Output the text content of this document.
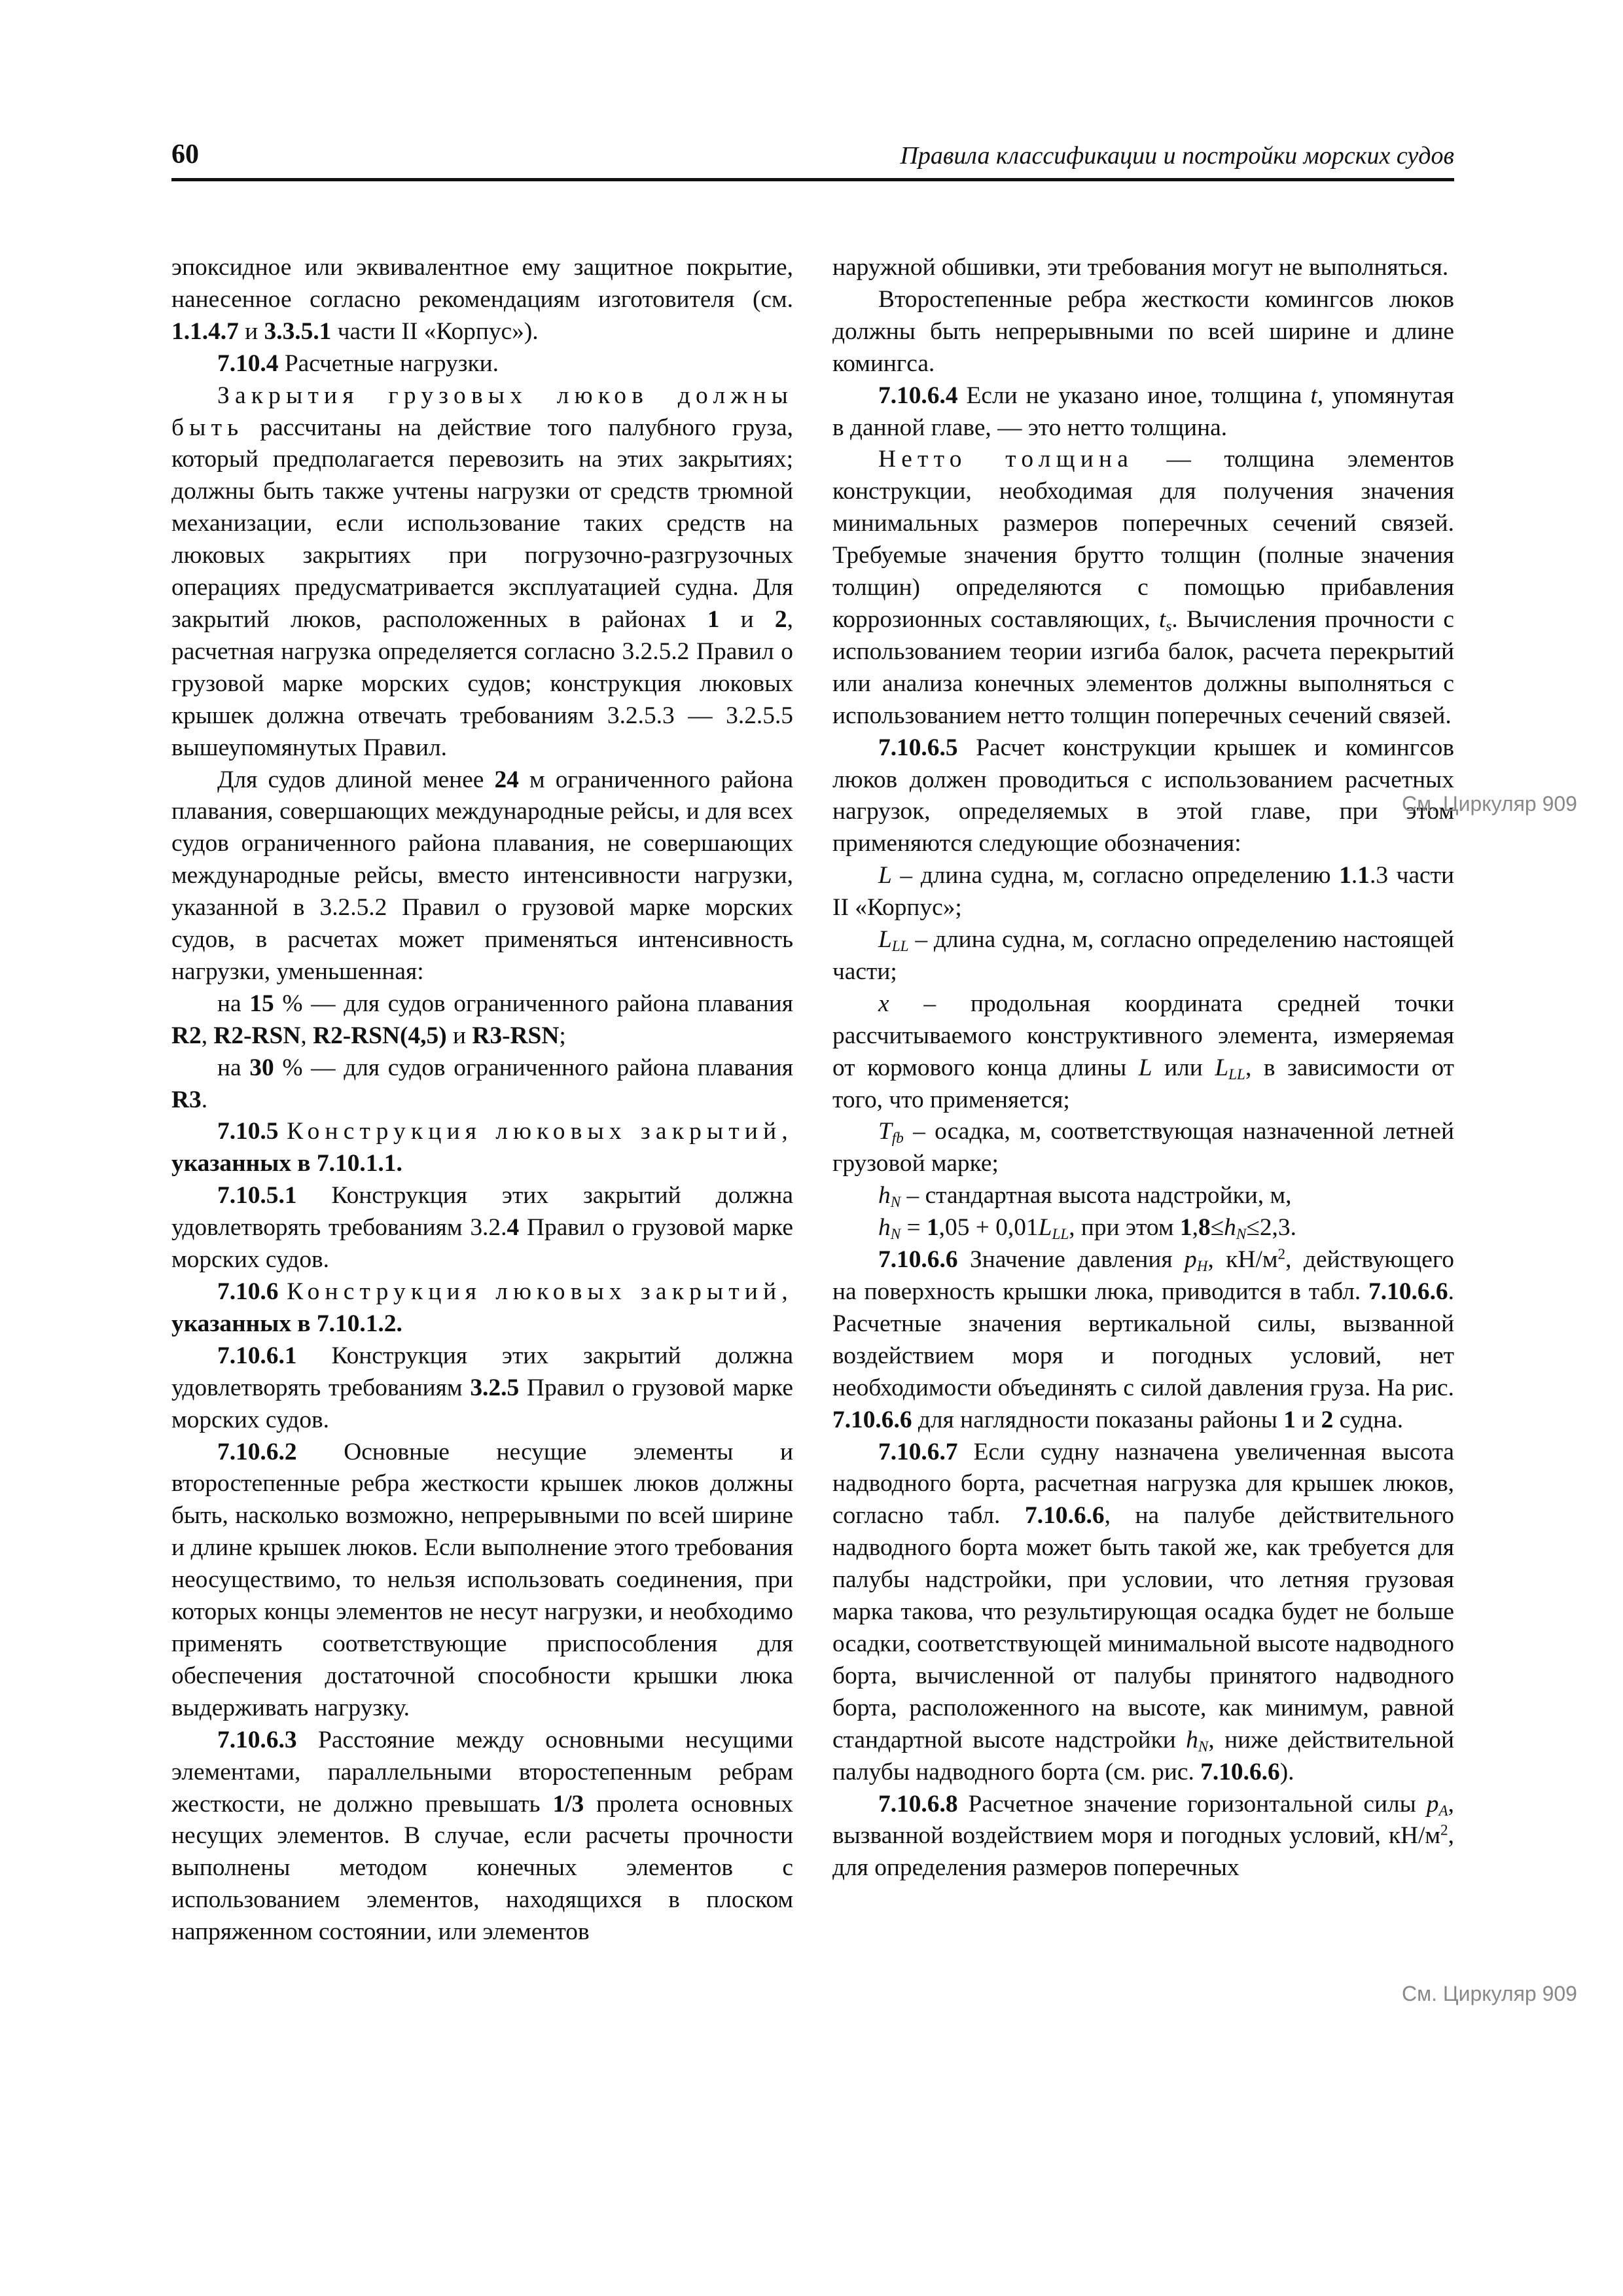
60	Правила классификации и постройки морских судов

эпоксидное или эквивалентное ему защитное покрытие, нанесенное согласно рекомендациям изготовителя (см. 1.1.4.7 и 3.3.5.1 части II «Корпус»).

7.10.4 Расчетные нагрузки.

Закрытия грузовых люков должны быть рассчитаны на действие того палубного груза, который предполагается перевозить на этих закрытиях; должны быть также учтены нагрузки от средств трюмной механизации, если использование таких средств на люковых закрытиях при погрузочно-разгрузочных операциях предусматривается эксплуатацией судна. Для закрытий люков, расположенных в районах 1 и 2, расчетная нагрузка определяется согласно 3.2.5.2 Правил о грузовой марке морских судов; конструкция люковых крышек должна отвечать требованиям 3.2.5.3 — 3.2.5.5 вышеупомянутых Правил.

Для судов длиной менее 24 м ограниченного района плавания, совершающих международные рейсы, и для всех судов ограниченного района плавания, не совершающих международные рейсы, вместо интенсивности нагрузки, указанной в 3.2.5.2 Правил о грузовой марке морских судов, в расчетах может применяться интенсивность нагрузки, уменьшенная:

на 15 % — для судов ограниченного района плавания R2, R2-RSN, R2-RSN(4,5) и R3-RSN;

на 30 % — для судов ограниченного района плавания R3.

7.10.5 Конструкция люковых закрытий, указанных в 7.10.1.1.

7.10.5.1 Конструкция этих закрытий должна удовлетворять требованиям 3.2.4 Правил о грузовой марке морских судов.

7.10.6 Конструкция люковых закрытий, указанных в 7.10.1.2.

7.10.6.1 Конструкция этих закрытий должна удовлетворять требованиям 3.2.5 Правил о грузовой марке морских судов.

7.10.6.2 Основные несущие элементы и второстепенные ребра жесткости крышек люков должны быть, насколько возможно, непрерывными по всей ширине и длине крышек люков. Если выполнение этого требования неосуществимо, то нельзя использовать соединения, при которых концы элементов не несут нагрузки, и необходимо применять соответствующие приспособления для обеспечения достаточной способности крышки люка выдерживать нагрузку.

7.10.6.3 Расстояние между основными несущими элементами, параллельными второстепенным ребрам жесткости, не должно превышать 1/3 пролета основных несущих элементов. В случае, если расчеты прочности выполнены методом конечных элементов с использованием элементов, находящихся в плоском напряженном состоянии, или элементов

наружной обшивки, эти требования могут не выполняться.

Второстепенные ребра жесткости комингсов люков должны быть непрерывными по всей ширине и длине комингса.

7.10.6.4 Если не указано иное, толщина t, упомянутая в данной главе, — это нетто толщина.

Нетто толщина — толщина элементов конструкции, необходимая для получения значения минимальных размеров поперечных сечений связей. Требуемые значения брутто толщин (полные значения толщин) определяются с помощью прибавления коррозионных составляющих, $t_s$. Вычисления прочности с использованием теории изгиба балок, расчета перекрытий или анализа конечных элементов должны выполняться с использованием нетто толщин поперечных сечений связей.

7.10.6.5 Расчет конструкции крышек и комингсов люков должен проводиться с использованием расчетных нагрузок, определяемых в этой главе, при этом применяются следующие обозначения:

L – длина судна, м, согласно определению 1.1.3 части II «Корпус»;

$L_{LL}$ – длина судна, м, согласно определению настоящей части;

x – продольная координата средней точки рассчитываемого конструктивного элемента, измеряемая от кормового конца длины L или $L_{LL}$, в зависимости от того, что применяется;

$T_{fb}$ – осадка, м, соответствующая назначенной летней грузовой марке;

$h_N$ – стандартная высота надстройки, м,

$h_N = 1,05 + 0,01L_{LL}$, при этом $1,8\le h_N\le 2,3$.

7.10.6.6 Значение давления $p_H$, $кН/м^2$, действующего на поверхность крышки люка, приводится в табл. 7.10.6.6. Расчетные значения вертикальной силы, вызванной воздействием моря и погодных условий, нет необходимости объединять с силой давления груза. На рис. 7.10.6.6 для наглядности показаны районы 1 и 2 судна.

7.10.6.7 Если судну назначена увеличенная высота надводного борта, расчетная нагрузка для крышек люков, согласно табл. 7.10.6.6, на палубе действительного надводного борта может быть такой же, как требуется для палубы надстройки, при условии, что летняя грузовая марка такова, что результирующая осадка будет не больше осадки, соответствующей минимальной высоте надводного борта, вычисленной от палубы принятого надводного борта, расположенного на высоте, как минимум, равной стандартной высоте надстройки $h_N$, ниже действительной палубы надводного борта (см. рис. 7.10.6.6).

7.10.6.8 Расчетное значение горизонтальной силы $p_A$, вызванной воздействием моря и погодных условий, $кН/м^2$, для определения размеров поперечных

См. Циркуляр 909
См. Циркуляр 909
